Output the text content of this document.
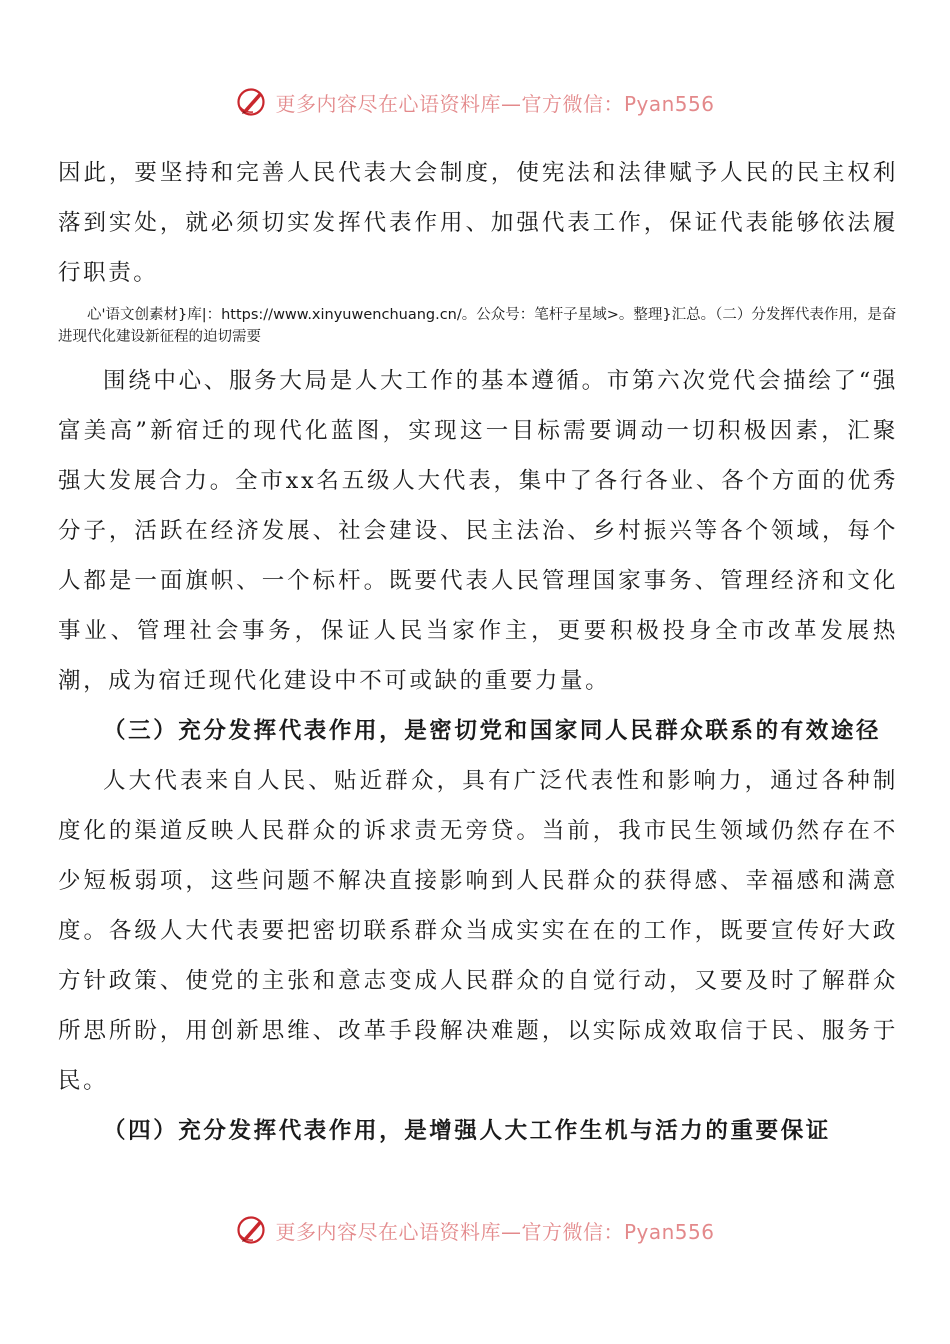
更多内容尽在心语资料库—官方微信：Pyan556

因此，要坚持和完善人民代表大会制度，使宪法和法律赋予人民的民主权利落到实处，就必须切实发挥代表作用、加强代表工作，保证代表能够依法履行职责。

心'语文创素材}库|：https://www.xinyuwenchuang.cn/。公众号：笔杆子星域>。整理}汇总。（二）分发挥代表作用，是奋进现代化建设新征程的迫切需要

围绕中心、服务大局是人大工作的基本遵循。市第六次党代会描绘了“强富美高”新宿迁的现代化蓝图，实现这一目标需要调动一切积极因素，汇聚强大发展合力。全市xx名五级人大代表，集中了各行各业、各个方面的优秀分子，活跃在经济发展、社会建设、民主法治、乡村振兴等各个领域，每个人都是一面旗帜、一个标杆。既要代表人民管理国家事务、管理经济和文化事业、管理社会事务，保证人民当家作主，更要积极投身全市改革发展热潮，成为宿迁现代化建设中不可或缺的重要力量。

（三）充分发挥代表作用，是密切党和国家同人民群众联系的有效途径

人大代表来自人民、贴近群众，具有广泛代表性和影响力，通过各种制度化的渠道反映人民群众的诉求责无旁贷。当前，我市民生领域仍然存在不少短板弱项，这些问题不解决直接影响到人民群众的获得感、幸福感和满意度。各级人大代表要把密切联系群众当成实实在在的工作，既要宣传好大政方针政策、使党的主张和意志变成人民群众的自觉行动，又要及时了解群众所思所盼，用创新思维、改革手段解决难题，以实际成效取信于民、服务于民。

（四）充分发挥代表作用，是增强人大工作生机与活力的重要保证
更多内容尽在心语资料库—官方微信：Pyan556
